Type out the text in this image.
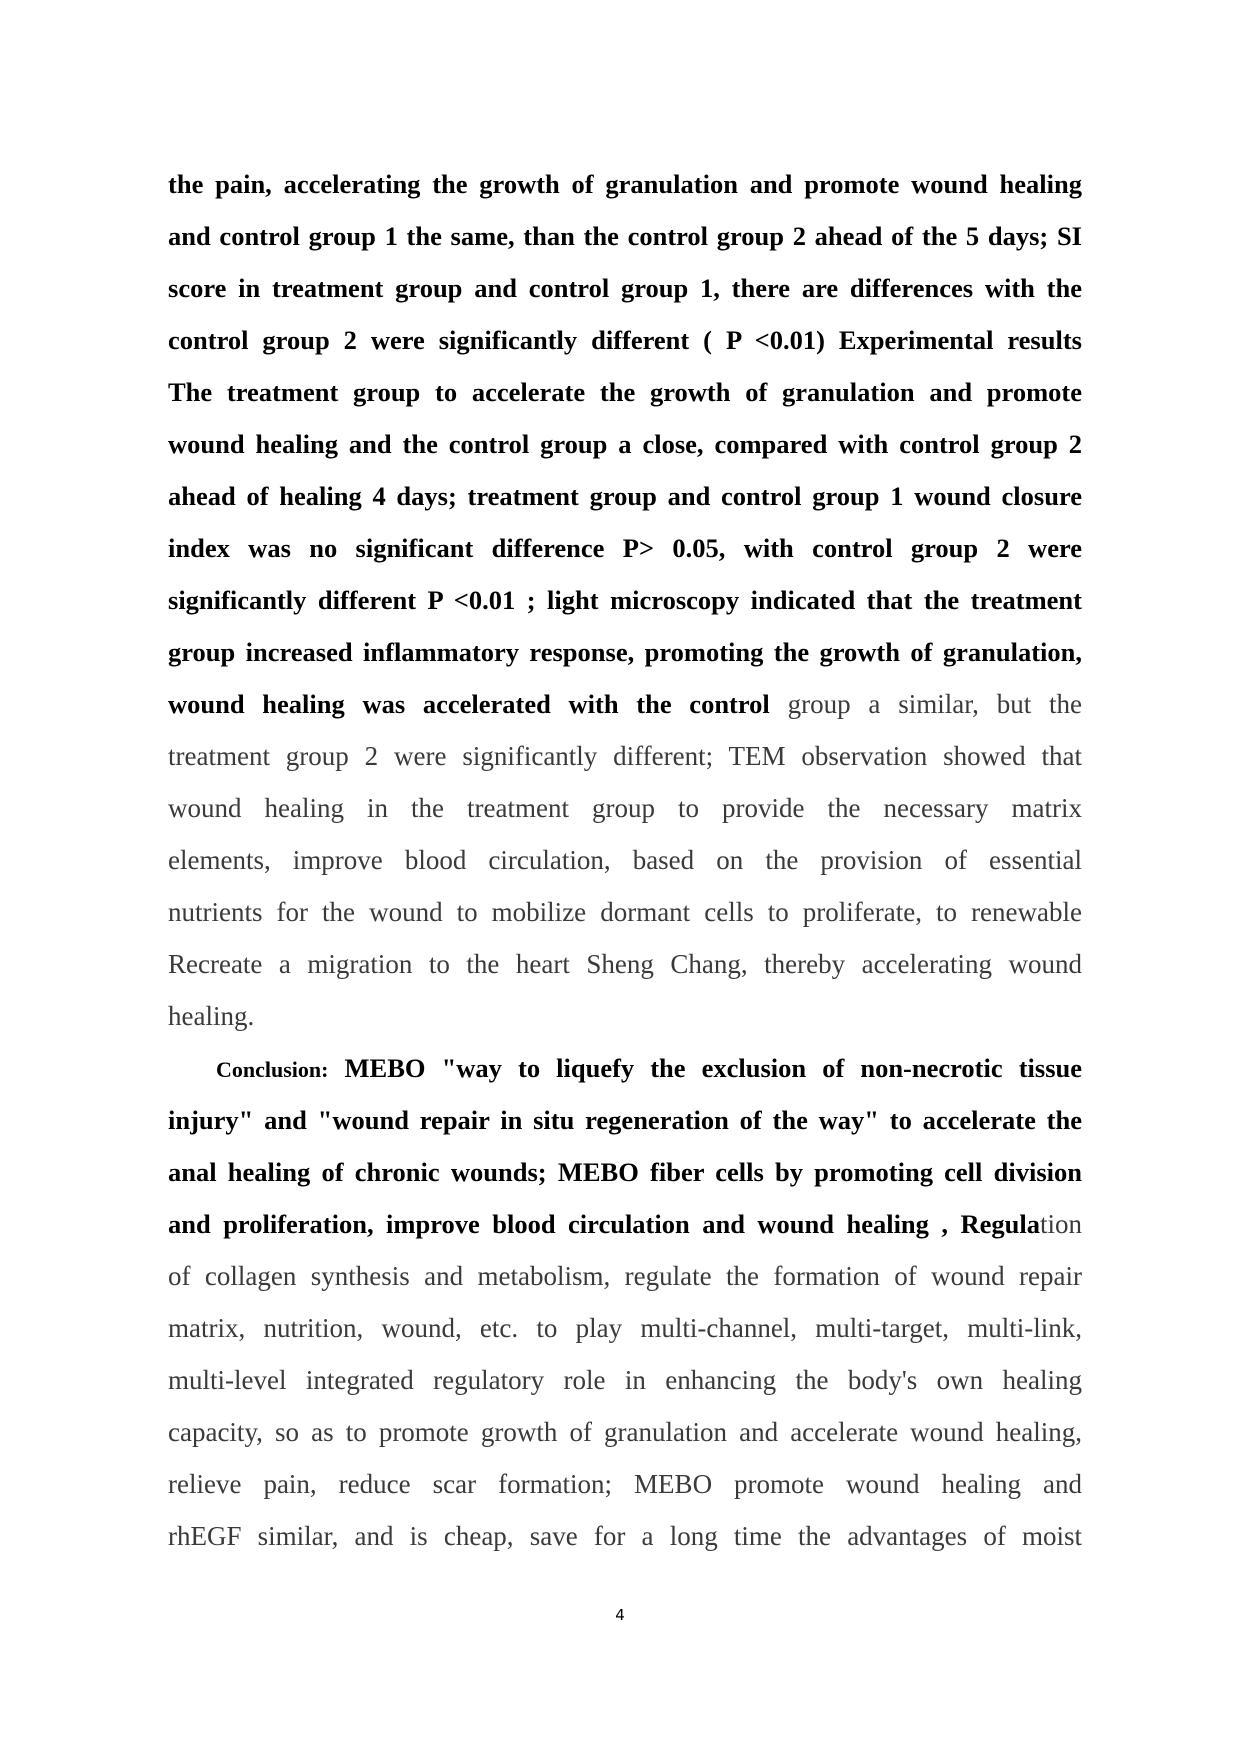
the pain, accelerating the growth of granulation and promote wound healing
and control group 1 the same, than the control group 2 ahead of the 5 days; SI
score in treatment group and control group 1, there are differences with the
control group 2 were significantly different ( P <0.01) Experimental results
The treatment group to accelerate the growth of granulation and promote
wound healing and the control group a close, compared with control group 2
ahead of healing 4 days; treatment group and control group 1 wound closure
index was no significant difference P> 0.05, with control group 2 were
significantly different P <0.01 ; light microscopy indicated that the treatment
group increased inflammatory response, promoting the growth of granulation,
wound healing was accelerated with the control group a similar, but the
treatment group 2 were significantly different; TEM observation showed that
wound healing in the treatment group to provide the necessary matrix
elements, improve blood circulation, based on the provision of essential
nutrients for the wound to mobilize dormant cells to proliferate, to renewable
Recreate a migration to the heart Sheng Chang, thereby accelerating wound
healing.
Conclusion: MEBO "way to liquefy the exclusion of non-necrotic tissue
injury" and "wound repair in situ regeneration of the way" to accelerate the
anal healing of chronic wounds; MEBO fiber cells by promoting cell division
and proliferation, improve blood circulation and wound healing , Regulation
of collagen synthesis and metabolism, regulate the formation of wound repair
matrix, nutrition, wound, etc. to play multi-channel, multi-target, multi-link,
multi-level integrated regulatory role in enhancing the body's own healing
capacity, so as to promote growth of granulation and accelerate wound healing,
relieve pain, reduce scar formation; MEBO promote wound healing and
rhEGF similar, and is cheap, save for a long time the advantages of moist
4
